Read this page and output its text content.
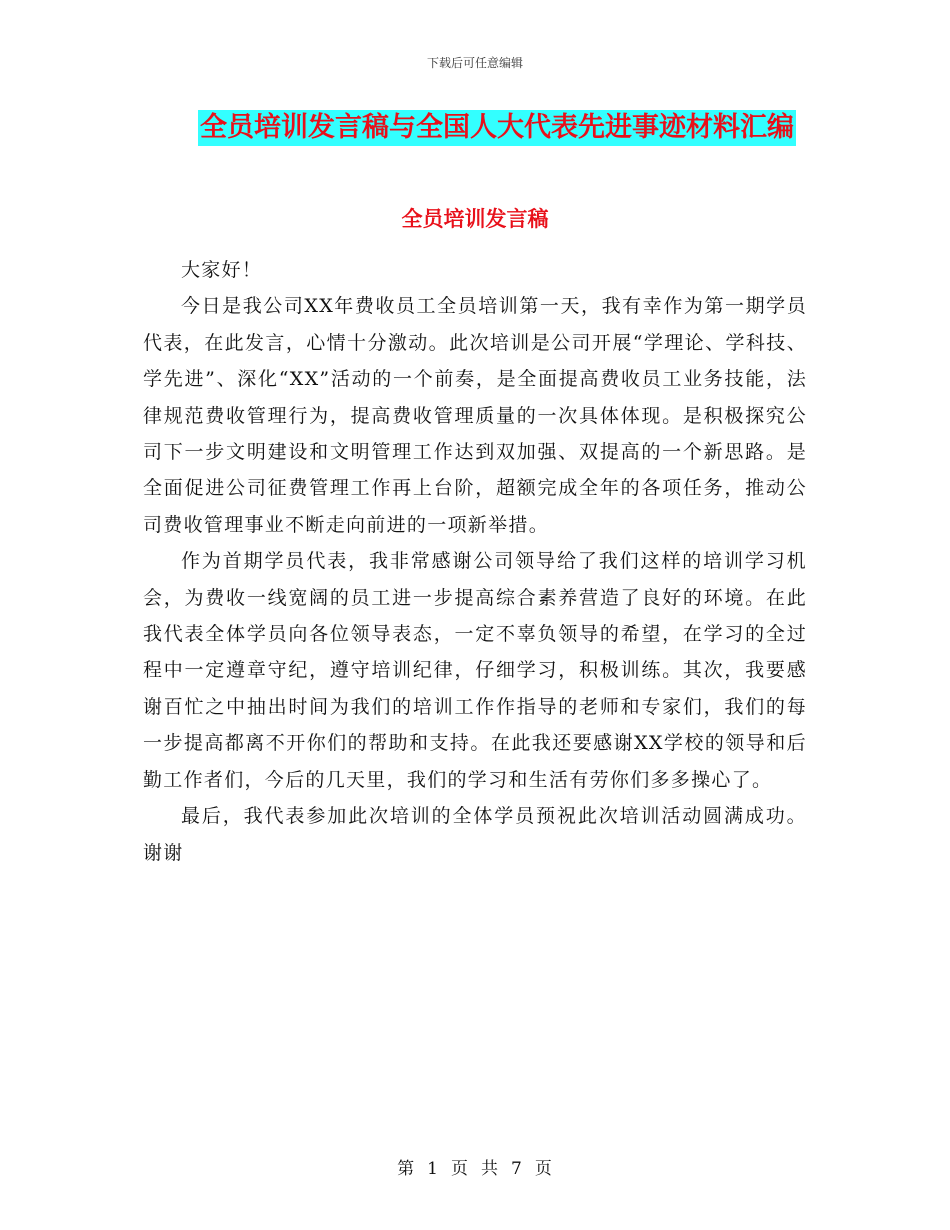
下载后可任意编辑
全员培训发言稿与全国人大代表先进事迹材料汇编
全员培训发言稿

大家好！

今日是我公司XX年费收员工全员培训第一天，我有幸作为第一期学员代表，在此发言，心情十分激动。此次培训是公司开展“学理论、学科技、学先进”、深化“XX”活动的一个前奏，是全面提高费收员工业务技能，法律规范费收管理行为，提高费收管理质量的一次具体体现。是积极探究公司下一步文明建设和文明管理工作达到双加强、双提高的一个新思路。是全面促进公司征费管理工作再上台阶，超额完成全年的各项任务，推动公司费收管理事业不断走向前进的一项新举措。

作为首期学员代表，我非常感谢公司领导给了我们这样的培训学习机会，为费收一线宽阔的员工进一步提高综合素养营造了良好的环境。在此我代表全体学员向各位领导表态，一定不辜负领导的希望，在学习的全过程中一定遵章守纪，遵守培训纪律，仔细学习，积极训练。其次，我要感谢百忙之中抽出时间为我们的培训工作作指导的老师和专家们，我们的每一步提高都离不开你们的帮助和支持。在此我还要感谢XX学校的领导和后勤工作者们，今后的几天里，我们的学习和生活有劳你们多多操心了。

最后，我代表参加此次培训的全体学员预祝此次培训活动圆满成功。谢谢

第 1 页 共 7 页
